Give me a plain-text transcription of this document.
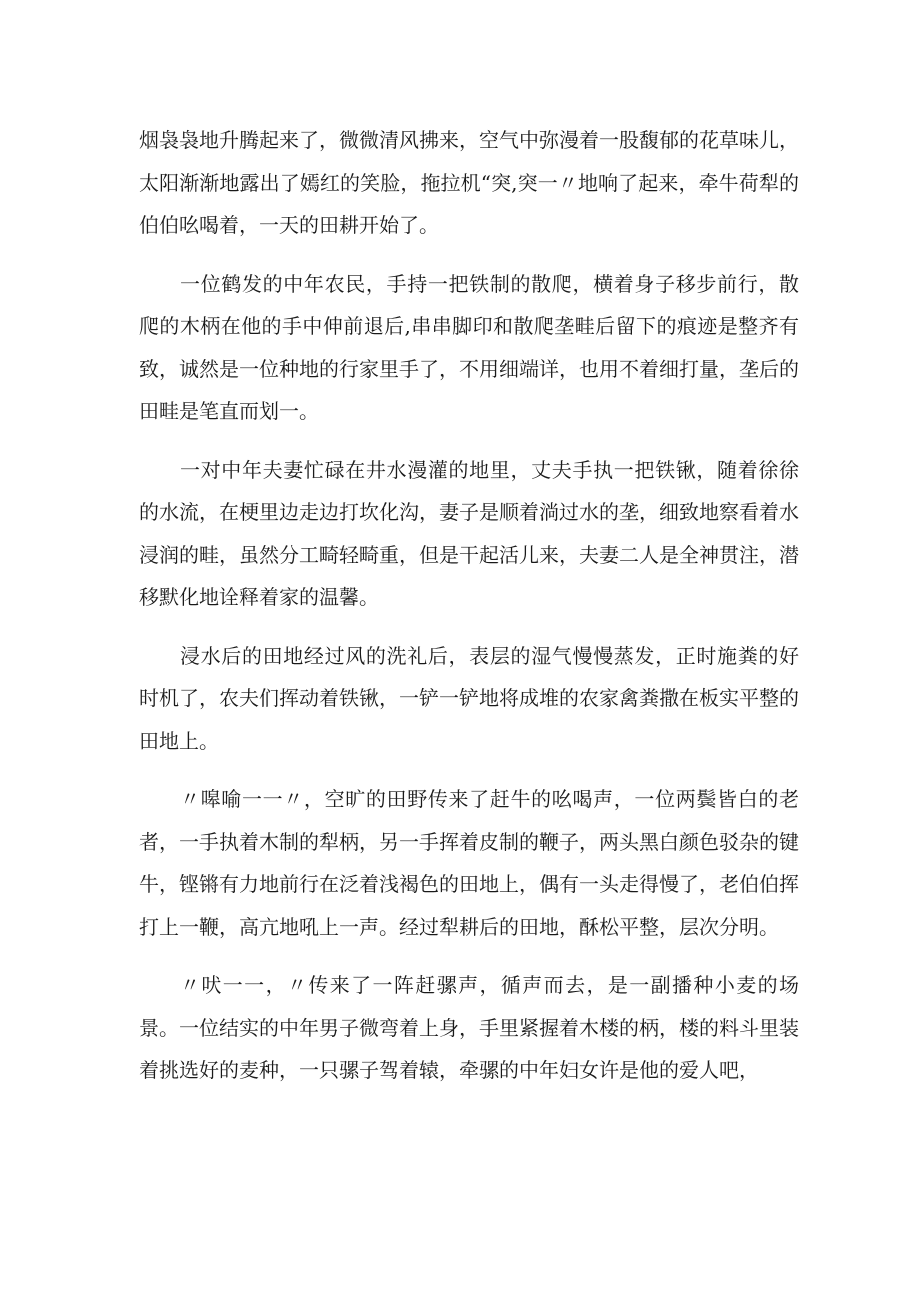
烟袅袅地升腾起来了，微微清风拂来，空气中弥漫着一股馥郁的花草味儿，太阳渐渐地露出了嫣红的笑脸，拖拉机“突,突一〃地响了起来，牵牛荷犁的伯伯吆喝着，一天的田耕开始了。

一位鹤发的中年农民，手持一把铁制的散爬，横着身子移步前行，散爬的木柄在他的手中伸前退后,串串脚印和散爬垄畦后留下的痕迹是整齐有致，诚然是一位种地的行家里手了，不用细端详，也用不着细打量，垄后的田畦是笔直而划一。

一对中年夫妻忙碌在井水漫灌的地里，丈夫手执一把铁锹，随着徐徐的水流，在梗里边走边打坎化沟，妻子是顺着淌过水的垄，细致地察看着水浸润的畦，虽然分工畸轻畸重，但是干起活儿来，夫妻二人是全神贯注，潜移默化地诠释着家的温馨。

浸水后的田地经过风的洗礼后，表层的湿气慢慢蒸发，正时施粪的好时机了，农夫们挥动着铁锹，一铲一铲地将成堆的农家禽粪撒在板实平整的田地上。

〃嗥喻一一〃，空旷的田野传来了赶牛的吆喝声，一位两鬓皆白的老者，一手执着木制的犁柄，另一手挥着皮制的鞭子，两头黑白颜色驳杂的键牛，铿锵有力地前行在泛着浅褐色的田地上，偶有一头走得慢了，老伯伯挥打上一鞭，高亢地吼上一声。经过犁耕后的田地，酥松平整，层次分明。

〃吠一一，〃传来了一阵赶骡声，循声而去，是一副播种小麦的场景。一位结实的中年男子微弯着上身，手里紧握着木楼的柄，楼的料斗里装着挑选好的麦种，一只骡子驾着辕，牵骡的中年妇女许是他的爱人吧，
